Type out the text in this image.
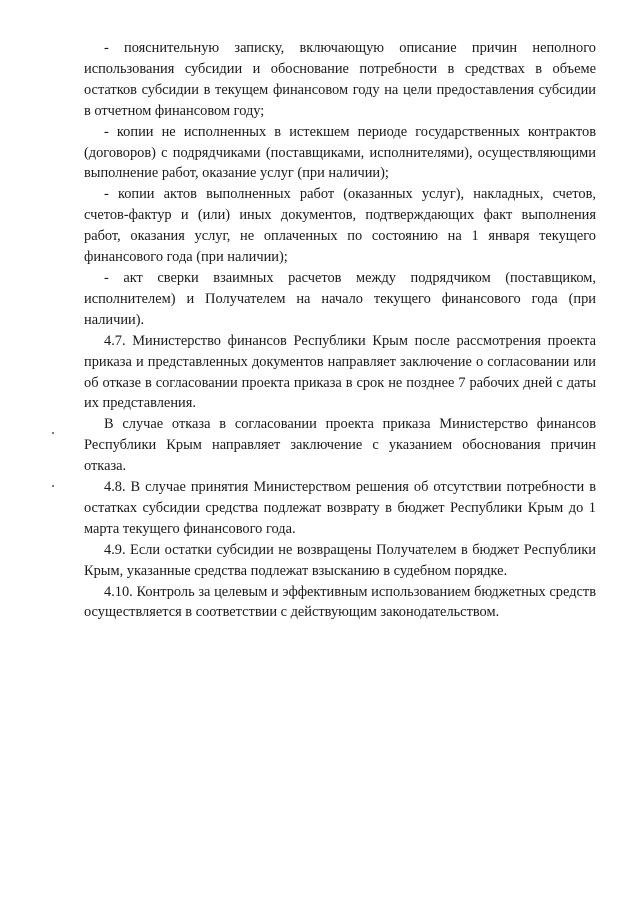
- пояснительную записку, включающую описание причин неполного использования субсидии и обоснование потребности в средствах в объеме остатков субсидии в текущем финансовом году на цели предоставления субсидии в отчетном финансовом году;

- копии не исполненных в истекшем периоде государственных контрактов (договоров) с подрядчиками (поставщиками, исполнителями), осуществляющими выполнение работ, оказание услуг (при наличии);

- копии актов выполненных работ (оказанных услуг), накладных, счетов, счетов-фактур и (или) иных документов, подтверждающих факт выполнения работ, оказания услуг, не оплаченных по состоянию на 1 января текущего финансового года (при наличии);

- акт сверки взаимных расчетов между подрядчиком (поставщиком, исполнителем) и Получателем на начало текущего финансового года (при наличии).

4.7. Министерство финансов Республики Крым после рассмотрения проекта приказа и представленных документов направляет заключение о согласовании или об отказе в согласовании проекта приказа в срок не позднее 7 рабочих дней с даты их представления.

В случае отказа в согласовании проекта приказа Министерство финансов Республики Крым направляет заключение с указанием обоснования причин отказа.

4.8. В случае принятия Министерством решения об отсутствии потребности в остатках субсидии средства подлежат возврату в бюджет Республики Крым до 1 марта текущего финансового года.

4.9. Если остатки субсидии не возвращены Получателем в бюджет Республики Крым, указанные средства подлежат взысканию в судебном порядке.

4.10. Контроль за целевым и эффективным использованием бюджетных средств осуществляется в соответствии с действующим законодательством.
